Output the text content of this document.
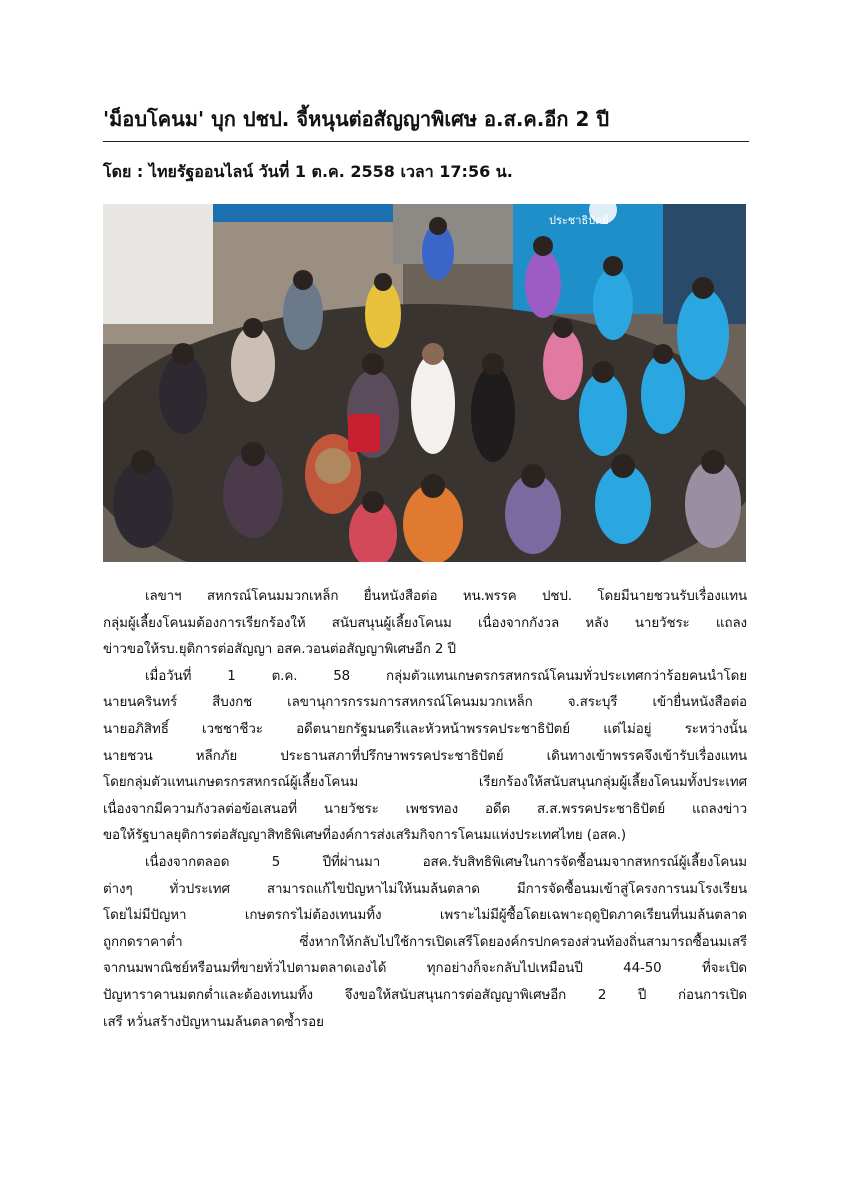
'ม็อบโคนม' บุก ปชป. จี้หนุนต่อสัญญาพิเศษ อ.ส.ค.อีก 2 ปี
โดย : ไทยรัฐออนไลน์ วันที่ 1 ต.ค. 2558 เวลา 17:56 น.
ประชาธิปัตย์

เลขาฯ สหกรณ์โคนมมวกเหล็ก ยื่นหนังสือต่อ หน.พรรค ปชป. โดยมีนายชวนรับเรื่องแทน
กลุ่มผู้เลี้ยงโคนมต้องการเรียกร้องให้ สนับสนุนผู้เลี้ยงโคนม เนื่องจากกังวล หลัง นายวัชระ แถลง
ข่าวขอให้รบ.ยุติการต่อสัญญา อสค.วอนต่อสัญญาพิเศษอีก 2 ปี

เมื่อวันที่ 1 ต.ค. 58 กลุ่มตัวแทนเกษตรกรสหกรณ์โคนมทั่วประเทศกว่าร้อยคนนำโดย
นายนครินทร์ สีบงกช เลขานุการกรรมการสหกรณ์โคนมมวกเหล็ก จ.สระบุรี เข้ายื่นหนังสือต่อ
นายอภิสิทธิ์ เวชชาชีวะ อดีตนายกรัฐมนตรีและหัวหน้าพรรคประชาธิปัตย์ แต่ไม่อยู่ ระหว่างนั้น
นายชวน หลีกภัย ประธานสภาที่ปรึกษาพรรคประชาธิปัตย์ เดินทางเข้าพรรคจึงเข้ารับเรื่องแทน
โดยกลุ่มตัวแทนเกษตรกรสหกรณ์ผู้เลี้ยงโคนม เรียกร้องให้สนับสนุนกลุ่มผู้เลี้ยงโคนมทั้งประเทศ
เนื่องจากมีความกังวลต่อข้อเสนอที่ นายวัชระ เพชรทอง อดีต ส.ส.พรรคประชาธิปัตย์ แถลงข่าว
ขอให้รัฐบาลยุติการต่อสัญญาสิทธิพิเศษที่องค์การส่งเสริมกิจการโคนมแห่งประเทศไทย (อสค.)

เนื่องจากตลอด 5 ปีที่ผ่านมา อสค.รับสิทธิพิเศษในการจัดซื้อนมจากสหกรณ์ผู้เลี้ยงโคนม
ต่างๆ ทั่วประเทศ สามารถแก้ไขปัญหาไม่ให้นมล้นตลาด มีการจัดซื้อนมเข้าสู่โครงการนมโรงเรียน
โดยไม่มีปัญหา เกษตรกรไม่ต้องเทนมทิ้ง เพราะไม่มีผู้ซื้อโดยเฉพาะฤดูปิดภาคเรียนที่นมล้นตลาด
ถูกกดราคาต่ำ ซึ่งหากให้กลับไปใช้การเปิดเสรีโดยองค์กรปกครองส่วนท้องถิ่นสามารถซื้อนมเสรี
จากนมพาณิชย์หรือนมที่ขายทั่วไปตามตลาดเองได้ ทุกอย่างก็จะกลับไปเหมือนปี 44-50 ที่จะเปิด
ปัญหาราคานมตกต่ำและต้องเทนมทิ้ง จึงขอให้สนับสนุนการต่อสัญญาพิเศษอีก 2 ปี ก่อนการเปิด
เสรี หวั่นสร้างปัญหานมล้นตลาดซ้ำรอย
